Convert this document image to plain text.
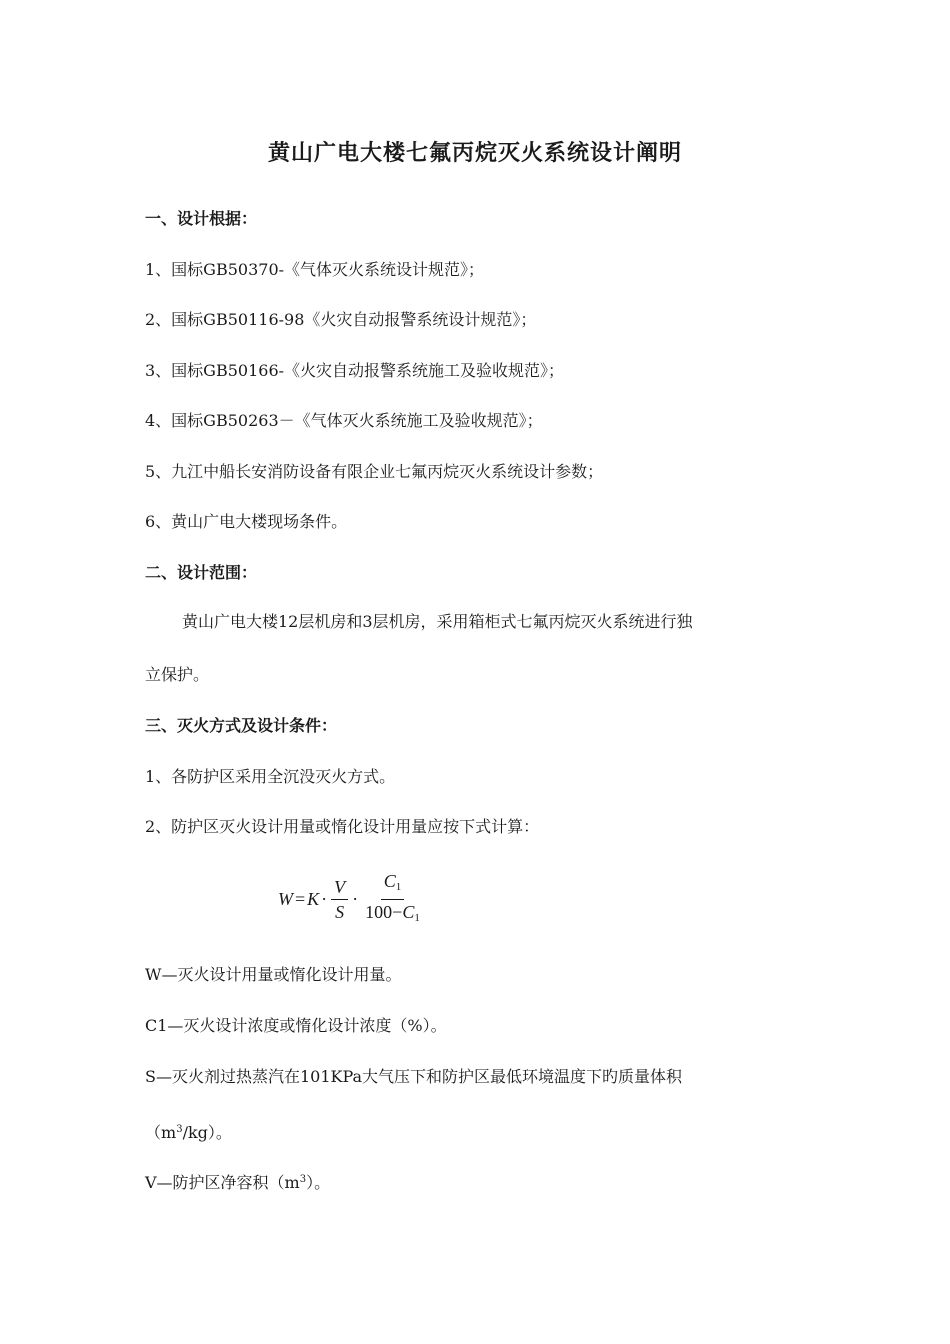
黄山广电大楼七氟丙烷灭火系统设计阐明
一、设计根据：
1、国标GB50370-《气体灭火系统设计规范》；
2、国标GB50116-98《火灾自动报警系统设计规范》；
3、国标GB50166-《火灾自动报警系统施工及验收规范》；
4、国标GB50263－《气体灭火系统施工及验收规范》；
5、九江中船长安消防设备有限企业七氟丙烷灭火系统设计参数；
6、黄山广电大楼现场条件。
二、设计范围：
黄山广电大楼12层机房和3层机房，采用箱柜式七氟丙烷灭火系统进行独
立保护。
三、灭火方式及设计条件：
1、各防护区采用全沉没灭火方式。
2、防护区灭火设计用量或惰化设计用量应按下式计算：
$W = K \cdot \frac{V}{S} \cdot \frac{C_1}{100-C_1}$
W—灭火设计用量或惰化设计用量。
C1—灭火设计浓度或惰化设计浓度（%）。
S—灭火剂过热蒸汽在101KPa大气压下和防护区最低环境温度下旳质量体积
$(m^3/kg)$。
V—防护区净容积$(m^3)$。
